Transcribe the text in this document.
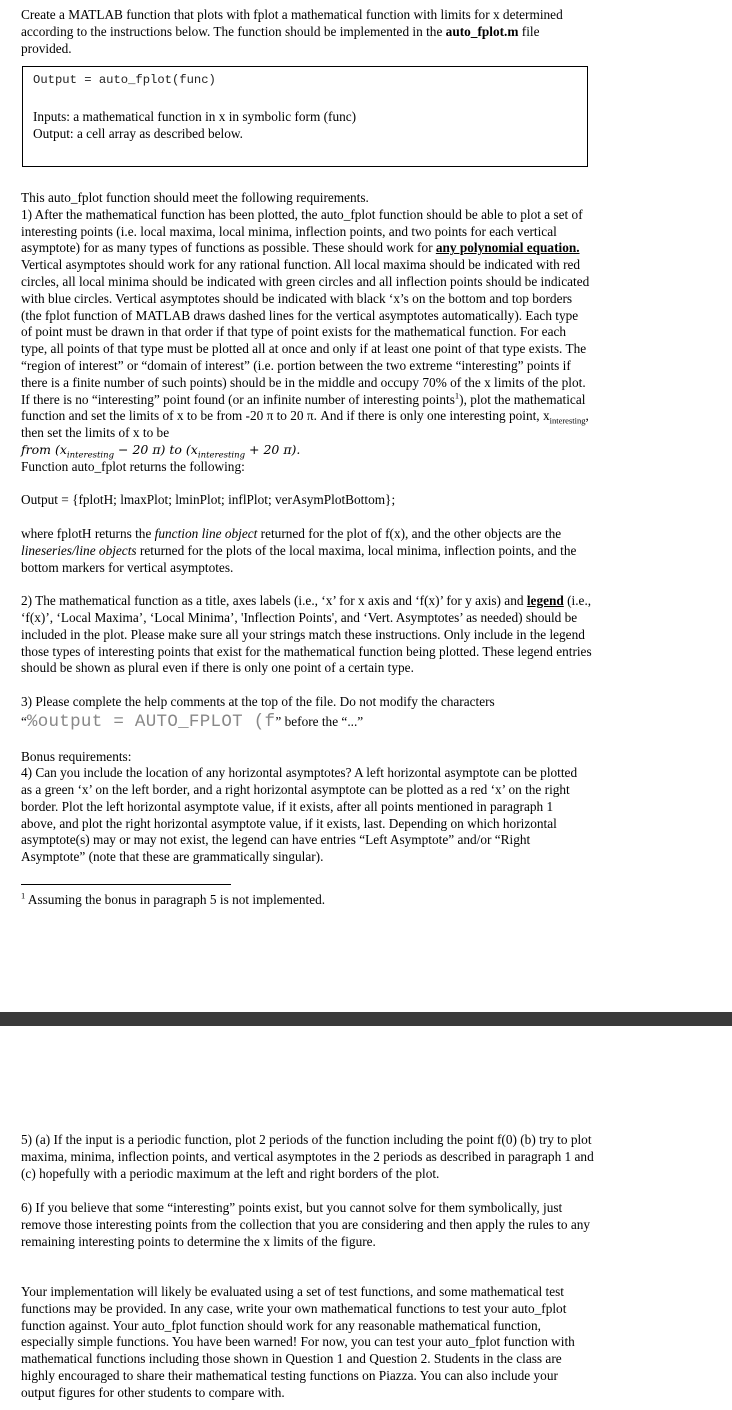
Create a MATLAB function that plots with fplot a mathematical function with limits for x determined

according to the instructions below. The function should be implemented in the auto_fplot.m file

provided.

Output = auto_fplot(func)

Inputs: a mathematical function in x in symbolic form (func)

Output: a cell array as described below.

This auto_fplot function should meet the following requirements.

1) After the mathematical function has been plotted, the auto_fplot function should be able to plot a set of

interesting points (i.e. local maxima, local minima, inflection points, and two points for each vertical

asymptote) for as many types of functions as possible. These should work for any polynomial equation.

Vertical asymptotes should work for any rational function. All local maxima should be indicated with red

circles, all local minima should be indicated with green circles and all inflection points should be indicated

with blue circles. Vertical asymptotes should be indicated with black ‘x’s on the bottom and top borders

(the fplot function of MATLAB draws dashed lines for the vertical asymptotes automatically). Each type

of point must be drawn in that order if that type of point exists for the mathematical function. For each

type, all points of that type must be plotted all at once and only if at least one point of that type exists. The

“region of interest” or “domain of interest” (i.e. portion between the two extreme “interesting” points if

there is a finite number of such points) should be in the middle and occupy 70% of the x limits of the plot.

If there is no “interesting” point found (or an infinite number of interesting points$^1$), plot the mathematical

function and set the limits of x to be from -20 π to 20 π. And if there is only one interesting point, $x_{interesting}$,

then set the limits of x to be

from ($x_{interesting} - 20$ π) to ($x_{interesting} + 20$ π).

Function auto_fplot returns the following:

Output = {fplotH; lmaxPlot; lminPlot; inflPlot; verAsymPlotBottom};

where fplotH returns the function line object returned for the plot of f(x), and the other objects are the

lineseries/line objects returned for the plots of the local maxima, local minima, inflection points, and the

bottom markers for vertical asymptotes.

2) The mathematical function as a title, axes labels (i.e., ‘x’ for x axis and ‘f(x)’ for y axis) and legend (i.e.,

‘f(x)’, ‘Local Maxima’, ‘Local Minima’, 'Inflection Points', and ‘Vert. Asymptotes’ as needed) should be

included in the plot. Please make sure all your strings match these instructions. Only include in the legend

those types of interesting points that exist for the mathematical function being plotted. These legend entries

should be shown as plural even if there is only one point of a certain type.

3) Please complete the help comments at the top of the file. Do not modify the characters

“%output = AUTO_FPLOT (f” before the “...”

Bonus requirements:

4) Can you include the location of any horizontal asymptotes? A left horizontal asymptote can be plotted

as a green ‘x’ on the left border, and a right horizontal asymptote can be plotted as a red ‘x’ on the right

border. Plot the left horizontal asymptote value, if it exists, after all points mentioned in paragraph 1

above, and plot the right horizontal asymptote value, if it exists, last. Depending on which horizontal

asymptote(s) may or may not exist, the legend can have entries “Left Asymptote” and/or “Right

Asymptote” (note that these are grammatically singular).

$^1$ Assuming the bonus in paragraph 5 is not implemented.

5) (a) If the input is a periodic function, plot 2 periods of the function including the point f(0) (b) try to plot

maxima, minima, inflection points, and vertical asymptotes in the 2 periods as described in paragraph 1 and

(c) hopefully with a periodic maximum at the left and right borders of the plot.

6) If you believe that some “interesting” points exist, but you cannot solve for them symbolically, just

remove those interesting points from the collection that you are considering and then apply the rules to any

remaining interesting points to determine the x limits of the figure.

Your implementation will likely be evaluated using a set of test functions, and some mathematical test

functions may be provided. In any case, write your own mathematical functions to test your auto_fplot

function against. Your auto_fplot function should work for any reasonable mathematical function,

especially simple functions. You have been warned! For now, you can test your auto_fplot function with

mathematical functions including those shown in Question 1 and Question 2. Students in the class are

highly encouraged to share their mathematical testing functions on Piazza. You can also include your

output figures for other students to compare with.
